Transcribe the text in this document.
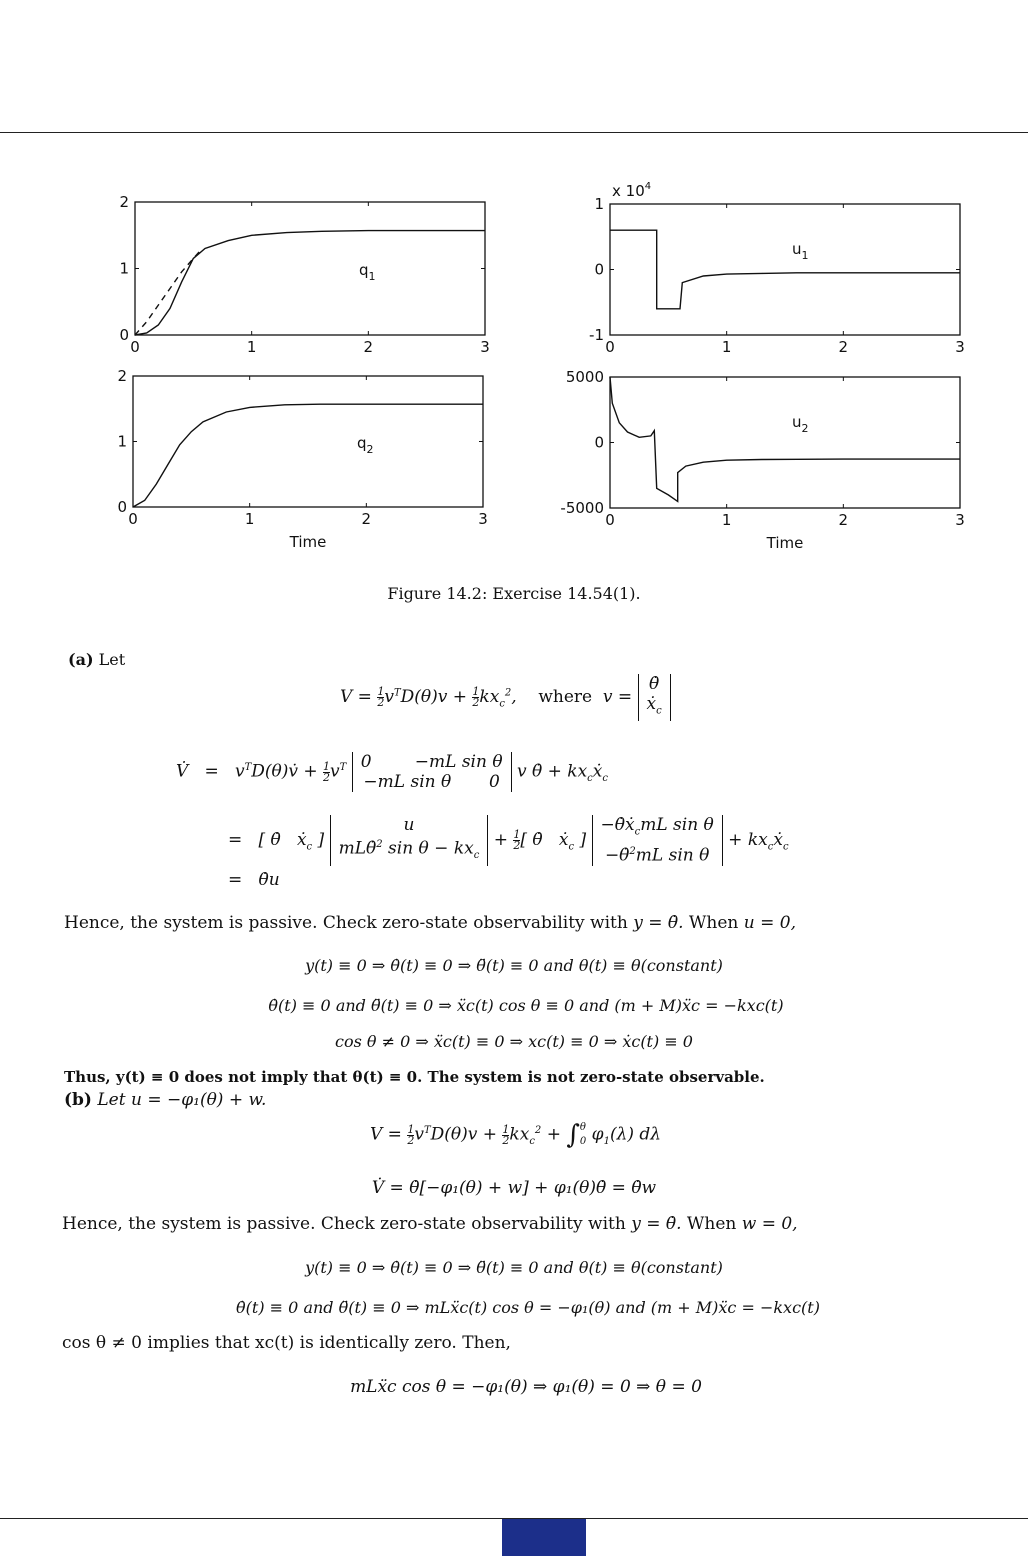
0	1	2	3
0
1
2
$q_1$
0	1	2	3
0
1
2
$q_2$
Time
0	1	2	3
-1
0
1
$u_1$
x $10^4$
0	1	2	3
-5000
0
5000
$u_2$
Time
Figure 14.2: Exercise 14.54(1).
(a) Let
$V = \frac{1}{2} v^TD(\theta)v + \frac{1}{2} kx_c^2$,    where  v =
θ̇
ẋ$_c$
V̇   =   $v^TD(\theta)v̇ + \frac{1}{2} v^T$ 0        −mL sin θ
−mL sin θ       0
v θ̇ + $kx_cẋ_c$
=   [ θ̇   ẋ$_c$ ]
u
mLθ̇$^2$ $\sin \theta - kx_c$
+ $\frac{1}{2}$ [ θ̇   ẋ$_c$ ]
−θ̇ẋ$_c$mL sin θ
−θ̇$^2$mL sin θ
+ $kx_cẋ_c$
=   θ̇u
Hence, the system is passive. Check zero-state observability with y = θ̇. When u = 0,
y(t) ≡ 0 ⇒ θ̇(t) ≡ 0 ⇒ θ̈(t) ≡ 0 and θ(t) ≡ θ(constant)
θ̇(t) ≡ 0 and θ̈(t) ≡ 0 ⇒ ẍc(t) cos θ ≡ 0 and (m + M)ẍc = −kxc(t)
cos θ ≠ 0 ⇒ ẍc(t) ≡ 0 ⇒ xc(t) ≡ 0 ⇒ ẋc(t) ≡ 0
Thus, y(t) ≡ 0 does not imply that θ(t) ≡ 0. The system is not zero-state observable.
(b) Let u = −φ₁(θ) + w.
$V = \frac{1}{2} v^TD(\theta)v + \frac{1}{2} kx_c^2$ + ∫ θ
0 $\varphi_1(\lambda)$ dλ
V̇ = θ̇[−φ₁(θ) + w] + φ₁(θ)θ̇ = θ̇w
Hence, the system is passive. Check zero-state observability with y = θ̇. When w = 0,
y(t) ≡ 0 ⇒ θ̇(t) ≡ 0 ⇒ θ̈(t) ≡ 0 and θ(t) ≡ θ(constant)
θ̇(t) ≡ 0 and θ̈(t) ≡ 0 ⇒ mLẍc(t) cos θ = −φ₁(θ) and (m + M)ẍc = −kxc(t)
cos θ ≠ 0 implies that xc(t) is identically zero. Then,
mLẍc cos θ = −φ₁(θ) ⇒ φ₁(θ) = 0 ⇒ θ = 0
